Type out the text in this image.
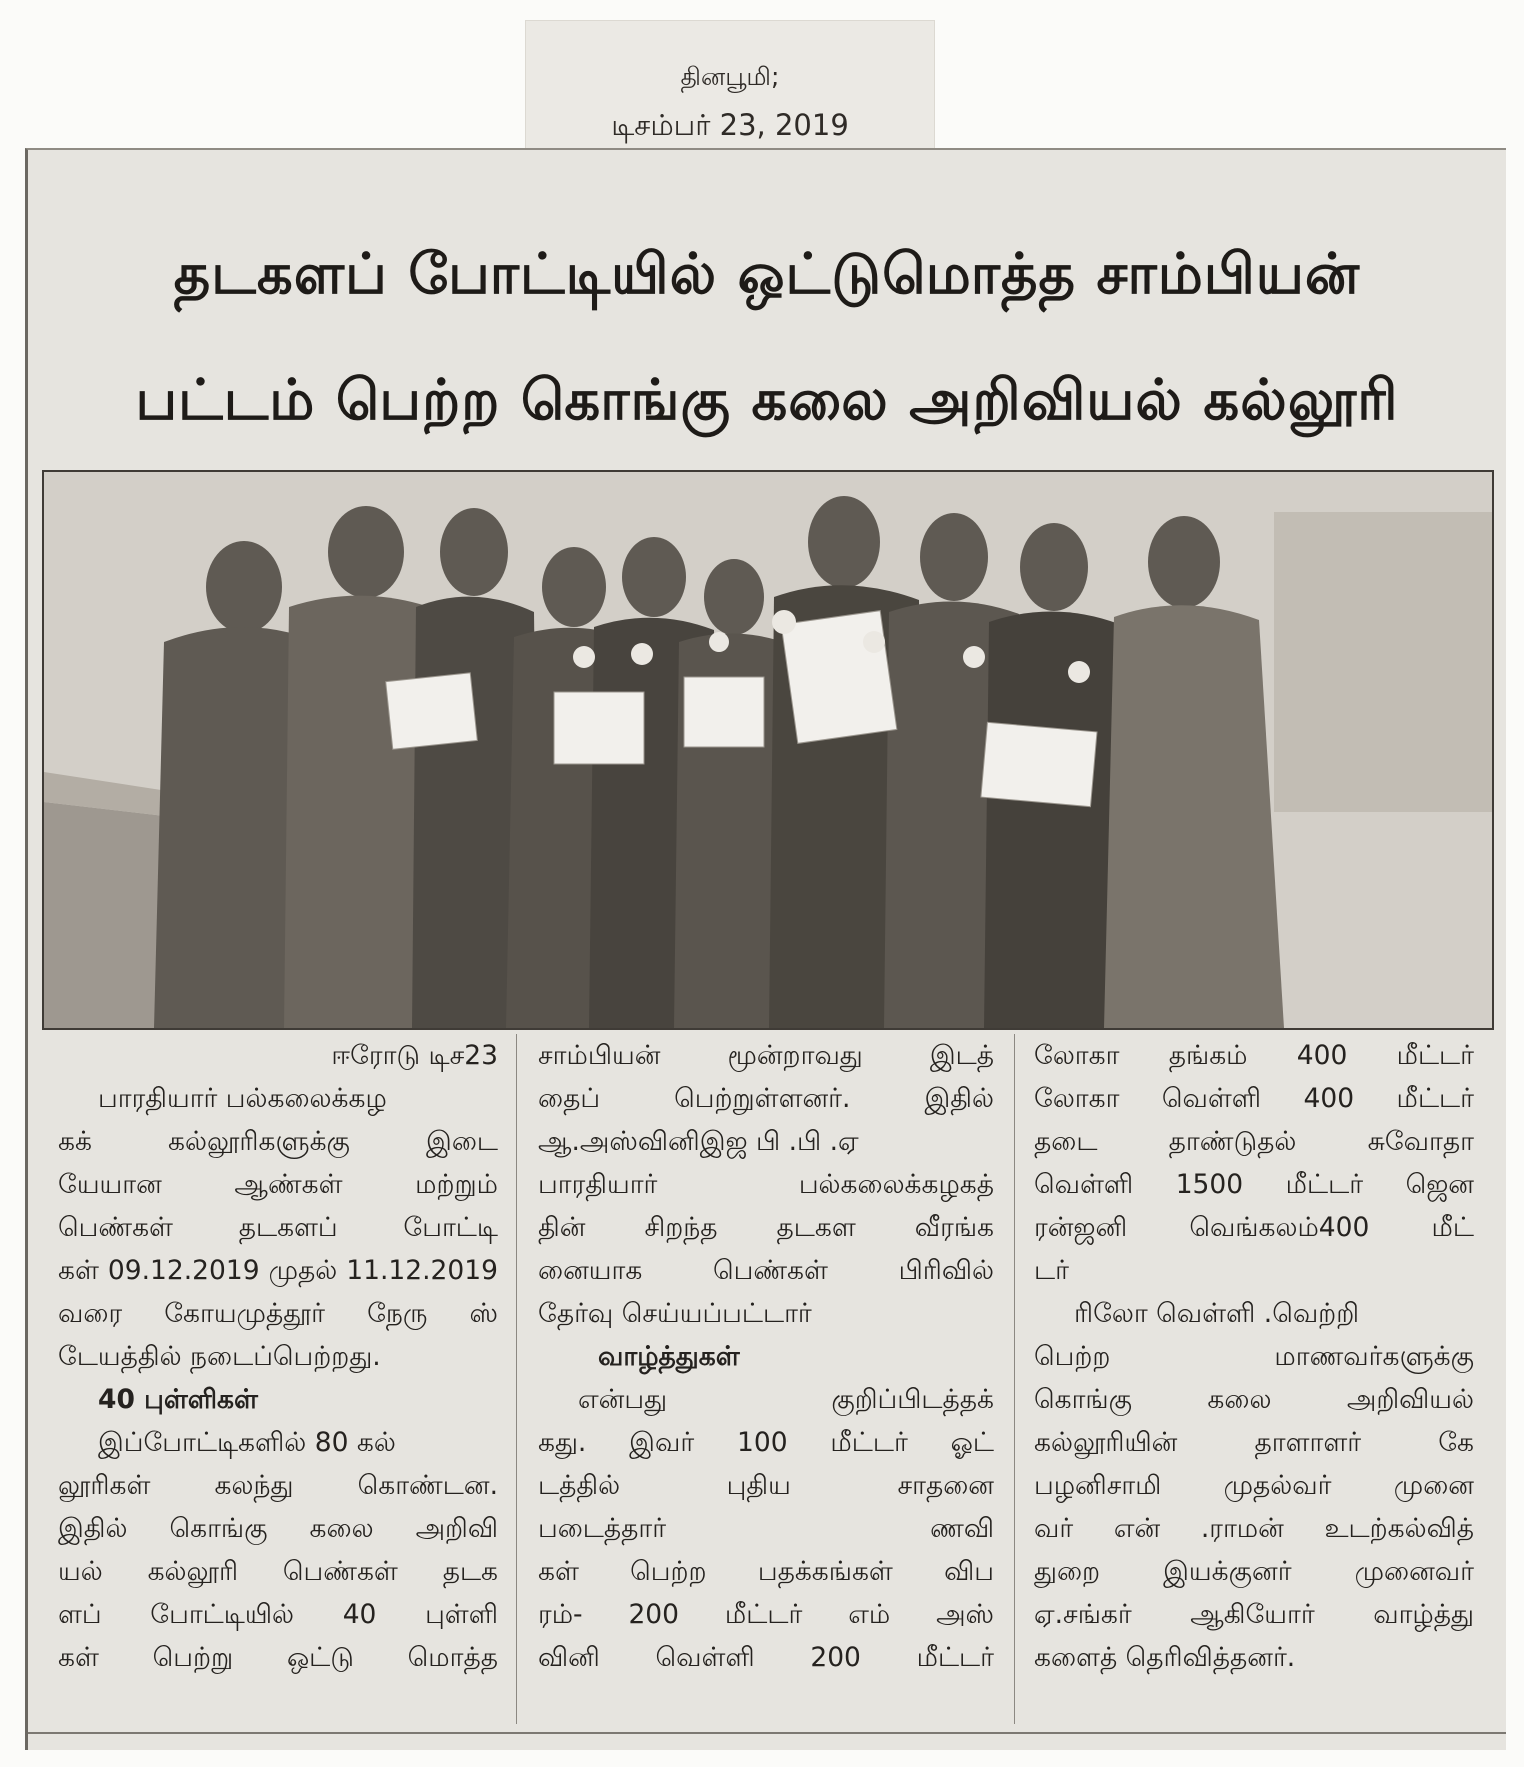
தினபூமி;
டிசம்பர் 23, 2019
தடகளப் போட்டியில் ஒட்டுமொத்த சாம்பியன்
பட்டம் பெற்ற கொங்கு கலை அறிவியல் கல்லூரி
ஈரோடு டிச23
பாரதியார் பல்கலைக்கழ
கக் கல்லூரிகளுக்கு இடை
யேயான ஆண்கள் மற்றும்
பெண்கள் தடகளப் போட்டி
கள் 09.12.2019 முதல் 11.12.2019
வரை கோயமுத்தூர் நேரு ஸ்
டேயத்தில் நடைப்பெற்றது.
40 புள்ளிகள்
இப்போட்டிகளில் 80 கல்
லூரிகள் கலந்து கொண்டன.
இதில் கொங்கு கலை அறிவி
யல் கல்லூரி பெண்கள் தடக
ளப் போட்டியில் 40 புள்ளி
கள் பெற்று ஒட்டு மொத்த
சாம்பியன் மூன்றாவது இடத்
தைப் பெற்றுள்ளனர். இதில்
ஆ.அஸ்வினிஇஜ பி .பி .ஏ
பாரதியார் பல்கலைக்கழகத்
தின் சிறந்த தடகள வீரங்க
னையாக பெண்கள் பிரிவில்
தேர்வு செய்யப்பட்டார்
வாழ்த்துகள்
என்பது குறிப்பிடத்தக்
கது. இவர் 100 மீட்டர் ஓட்
டத்தில் புதிய சாதனை
படைத்தார் ணவி
கள் பெற்ற பதக்கங்கள் விப
ரம்- 200 மீட்டர் எம் அஸ்
வினி வெள்ளி 200 மீட்டர்
லோகா தங்கம் 400 மீட்டர்
லோகா வெள்ளி 400 மீட்டர்
தடை தாண்டுதல் சுவோதா
வெள்ளி 1500 மீட்டர் ஜென
ரன்ஜனி வெங்கலம்400 மீட்
டர்
ரிலோ வெள்ளி .வெற்றி
பெற்ற மாணவர்களுக்கு
கொங்கு கலை அறிவியல்
கல்லூரியின் தாளாளர் கே
பழனிசாமி முதல்வர் முனை
வர் என் .ராமன் உடற்கல்வித்
துறை இயக்குனர் முனைவர்
ஏ.சங்கர் ஆகியோர் வாழ்த்து
களைத் தெரிவித்தனர்.
